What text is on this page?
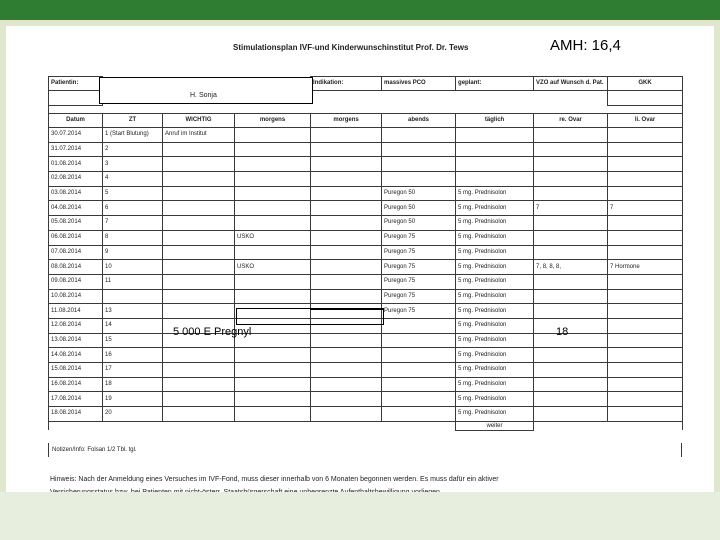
Stimulationsplan IVF-und Kinderwunschinstitut Prof. Dr. Tews	AMH: 16,4
Patientin:				Indikation:	massives PCO	geplant:	VZO auf Wunsch d. Pat.	GKK

Datum	ZT	WICHTIG	morgens	morgens	abends	täglich	re. Ovar	li. Ovar
30.07.2014	1 (Start Blutung)	Anruf im Institut						
31.07.2014	2							
01.08.2014	3							
02.08.2014	4							
03.08.2014	5				Puregon 50	5 mg. Prednisolon		
04.08.2014	6				Puregon 50	5 mg. Prednisolon	7	7
05.08.2014	7				Puregon 50	5 mg. Prednisolon		
06.08.2014	8		USKO		Puregon 75	5 mg. Prednisolon		
07.08.2014	9				Puregon 75	5 mg. Prednisolon		
08.08.2014	10		USKO		Puregon 75	5 mg. Prednisolon	7, 8, 8, 8,	7 Hormone
09.08.2014	11				Puregon 75	5 mg. Prednisolon		
10.08.2014					Puregon 75	5 mg. Prednisolon		
11.08.2014	13				Puregon 75	5 mg. Prednisolon		
12.08.2014	14					5 mg. Prednisolon		
13.08.2014	15					5 mg. Prednisolon		
14.08.2014	16					5 mg. Prednisolon		
15.08.2014	17					5 mg. Prednisolon		
16.08.2014	18					5 mg. Prednisolon		
17.08.2014	19					5 mg. Prednisolon		
18.08.2014	20					5 mg. Prednisolon		
						weiter		
H. Sonja
5 000 E Pregnyl	18
Notizen/Info: Folsan 1/2 Tbl. tgl.
Hinweis: Nach der Anmeldung eines Versuches im IVF-Fond, muss dieser innerhalb von 6 Monaten begonnen werden. Es muss dafür ein aktiver
